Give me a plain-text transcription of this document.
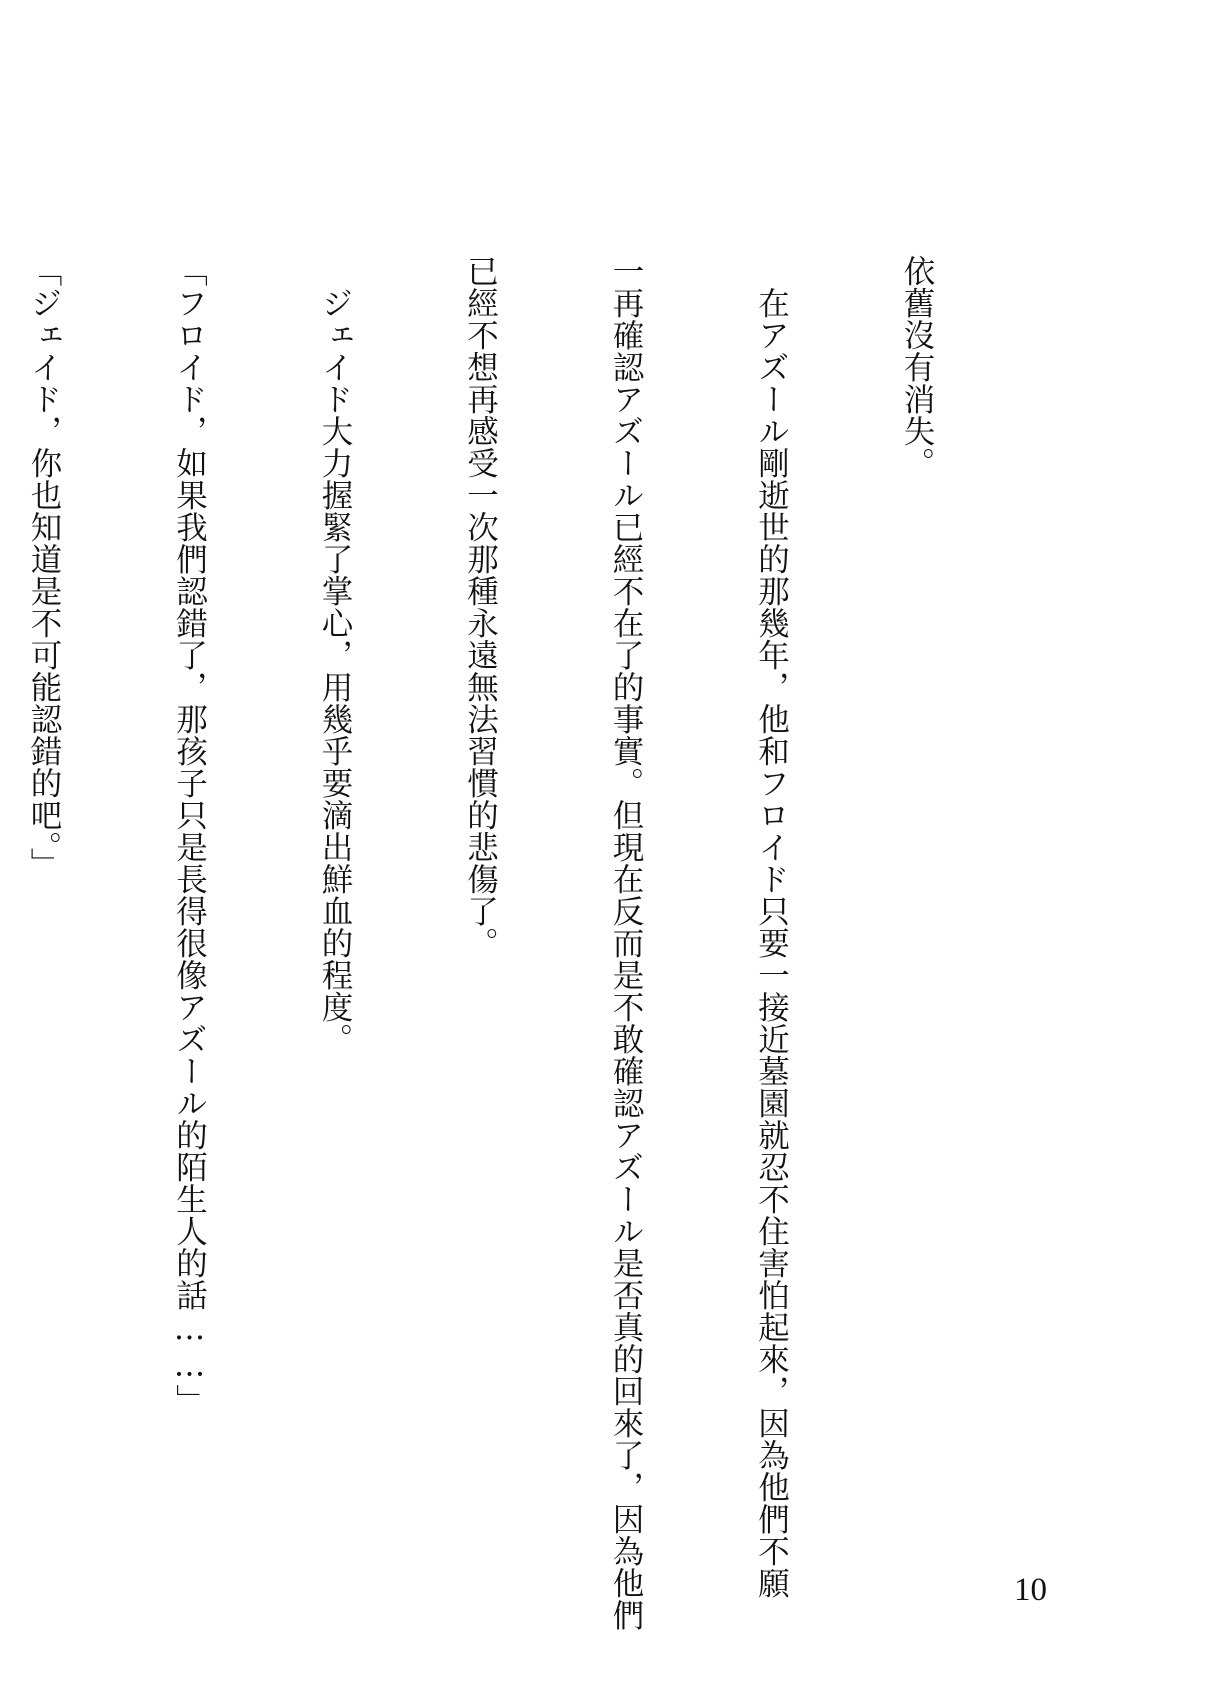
依舊沒有消失。

　在アズール剛逝世的那幾年，他和フロイド只要一接近墓園就忍不住害怕起來，因為他們不願

一再確認アズール已經不在了的事實。但現在反而是不敢確認アズール是否真的回來了，因為他們

已經不想再感受一次那種永遠無法習慣的悲傷了。

　ジェイド大力握緊了掌心，用幾乎要滴出鮮血的程度。

「フロイド，如果我們認錯了，那孩子只是長得很像アズール的陌生人的話……」

「ジェイド，你也知道是不可能認錯的吧。」

10
